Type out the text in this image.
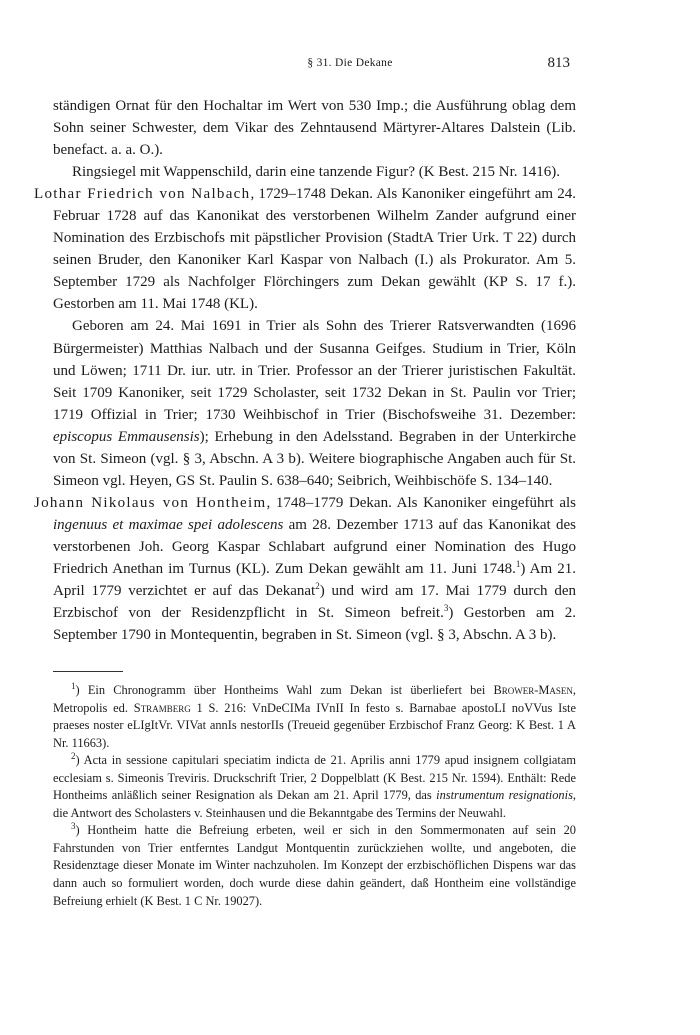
§ 31. Die Dekane	813

ständigen Ornat für den Hochaltar im Wert von 530 Imp.; die Ausführung oblag dem Sohn seiner Schwester, dem Vikar des Zehntausend Märtyrer-Altares Dalstein (Lib. benefact. a. a. O.).

Ringsiegel mit Wappenschild, darin eine tanzende Figur? (K Best. 215 Nr. 1416).

Lothar Friedrich von Nalbach, 1729–1748 Dekan. Als Kanoniker eingeführt am 24. Februar 1728 auf das Kanonikat des verstorbenen Wilhelm Zander aufgrund einer Nomination des Erzbischofs mit päpstlicher Provision (StadtA Trier Urk. T 22) durch seinen Bruder, den Kanoniker Karl Kaspar von Nalbach (I.) als Prokurator. Am 5. September 1729 als Nachfolger Flörchingers zum Dekan gewählt (KP S. 17 f.). Gestorben am 11. Mai 1748 (KL).

Geboren am 24. Mai 1691 in Trier als Sohn des Trierer Ratsverwandten (1696 Bürgermeister) Matthias Nalbach und der Susanna Geifges. Studium in Trier, Köln und Löwen; 1711 Dr. iur. utr. in Trier. Professor an der Trierer juristischen Fakultät. Seit 1709 Kanoniker, seit 1729 Scholaster, seit 1732 Dekan in St. Paulin vor Trier; 1719 Offizial in Trier; 1730 Weihbischof in Trier (Bischofsweihe 31. Dezember: episcopus Emmausensis); Erhebung in den Adelsstand. Begraben in der Unterkirche von St. Simeon (vgl. § 3, Abschn. A 3 b). Weitere biographische Angaben auch für St. Simeon vgl. Heyen, GS St. Paulin S. 638–640; Seibrich, Weihbischöfe S. 134–140.

Johann Nikolaus von Hontheim, 1748–1779 Dekan. Als Kanoniker eingeführt als ingenuus et maximae spei adolescens am 28. Dezember 1713 auf das Kanonikat des verstorbenen Joh. Georg Kaspar Schlabart aufgrund einer Nomination des Hugo Friedrich Anethan im Turnus (KL). Zum Dekan gewählt am 11. Juni 1748.$^1$) Am 21. April 1779 verzichtet er auf das Dekanat$^2$) und wird am 17. Mai 1779 durch den Erzbischof von der Residenzpflicht in St. Simeon befreit.$^3$) Gestorben am 2. September 1790 in Montequentin, begraben in St. Simeon (vgl. § 3, Abschn. A 3 b).

$^1$) Ein Chronogramm über Hontheims Wahl zum Dekan ist überliefert bei Brower-Masen, Metropolis ed. Stramberg 1 S. 216: VnDeCIMa IVnII In festo s. Barnabae apostoLI noVVus Iste praeses noster eLIgItVr. VIVat annIs nestorIIs (Treueid gegenüber Erzbischof Franz Georg: K Best. 1 A Nr. 11663).

$^2$) Acta in sessione capitulari speciatim indicta de 21. Aprilis anni 1779 apud insignem collgiatam ecclesiam s. Simeonis Treviris. Druckschrift Trier, 2 Doppelblatt (K Best. 215 Nr. 1594). Enthält: Rede Hontheims anläßlich seiner Resignation als Dekan am 21. April 1779, das instrumentum resignationis, die Antwort des Scholasters v. Steinhausen und die Bekanntgabe des Termins der Neuwahl.

$^3$) Hontheim hatte die Befreiung erbeten, weil er sich in den Sommermonaten auf sein 20 Fahrstunden von Trier entferntes Landgut Montquentin zurückziehen wollte, und angeboten, die Residenztage dieser Monate im Winter nachzuholen. Im Konzept der erzbischöflichen Dispens war das dann auch so formuliert worden, doch wurde diese dahin geändert, daß Hontheim eine vollständige Befreiung erhielt (K Best. 1 C Nr. 19027).
